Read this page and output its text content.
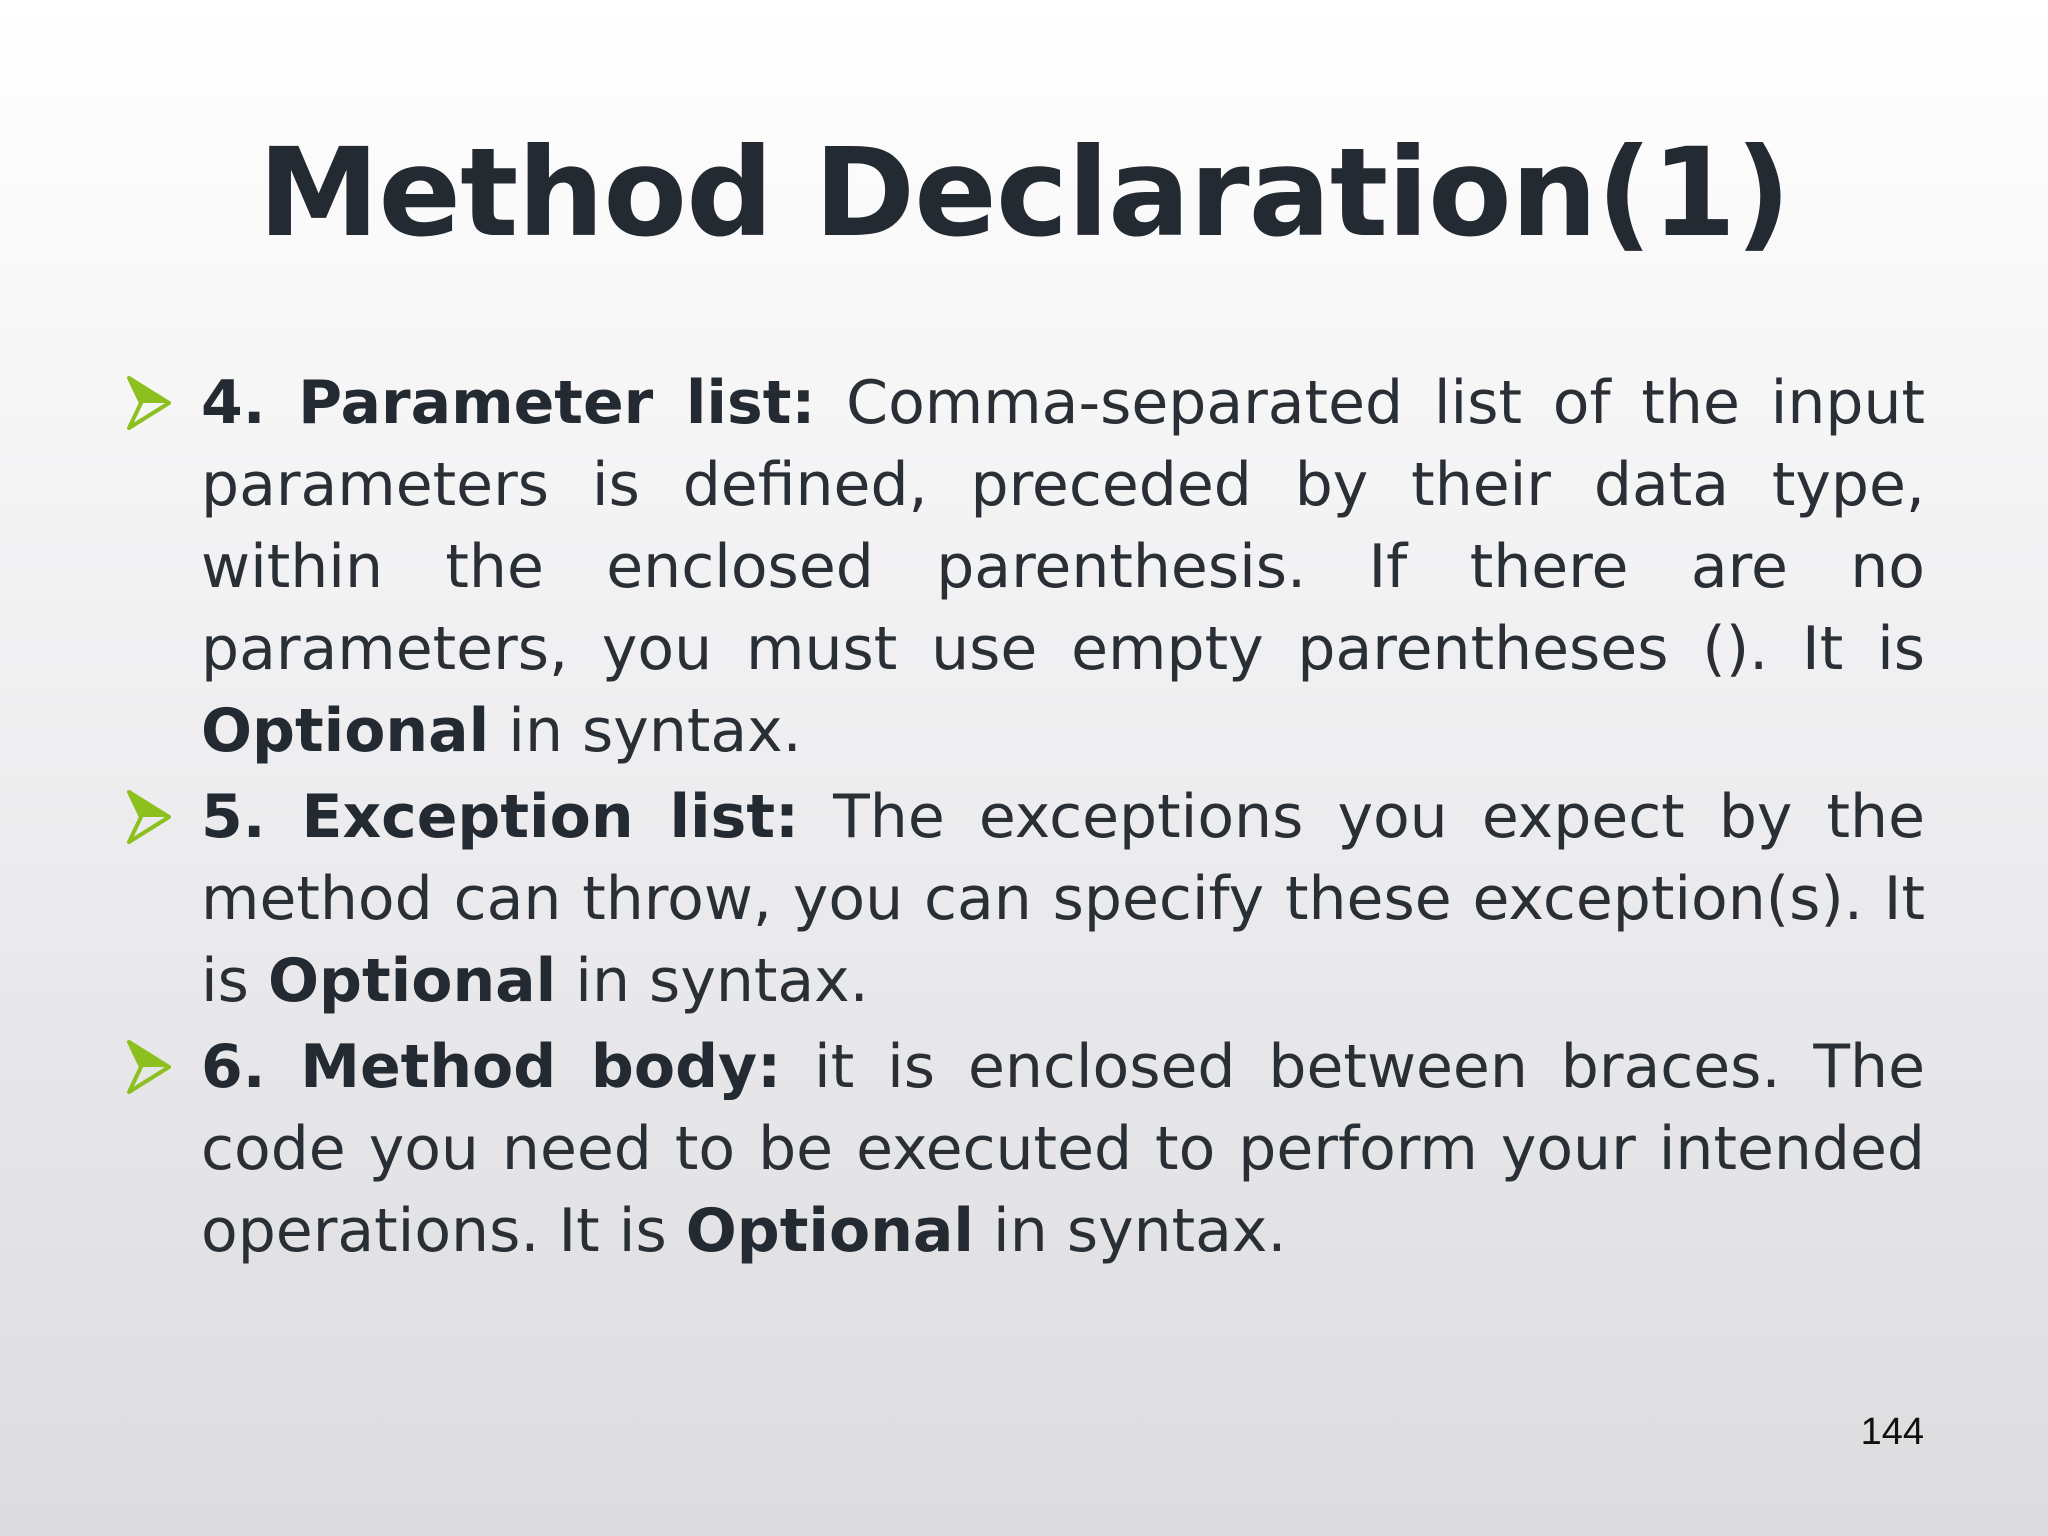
Method Declaration(1)

4. Parameter list: Comma-separated list of the input parameters is defined, preceded by their data type, within the enclosed parenthesis. If there are no parameters, you must use empty parentheses (). It is Optional in syntax.

5. Exception list: The exceptions you expect by the method can throw, you can specify these exception(s). It is Optional in syntax.

6. Method body: it is enclosed between braces. The code you need to be executed to perform your intended operations. It is Optional in syntax.

144
